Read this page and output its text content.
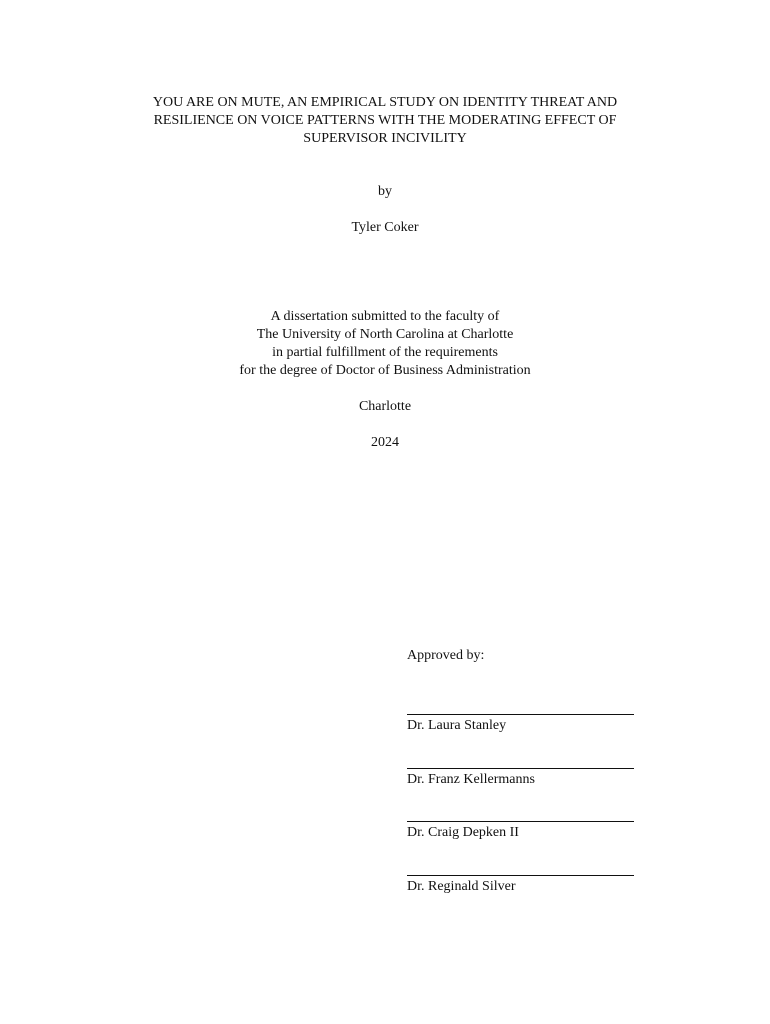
YOU ARE ON MUTE, AN EMPIRICAL STUDY ON IDENTITY THREAT AND
RESILIENCE ON VOICE PATTERNS WITH THE MODERATING EFFECT OF
SUPERVISOR INCIVILITY
by
Tyler Coker
A dissertation submitted to the faculty of
The University of North Carolina at Charlotte
in partial fulfillment of the requirements
for the degree of Doctor of Business Administration
Charlotte
2024
Approved by:
Dr. Laura Stanley
Dr. Franz Kellermanns
Dr. Craig Depken II
Dr. Reginald Silver
